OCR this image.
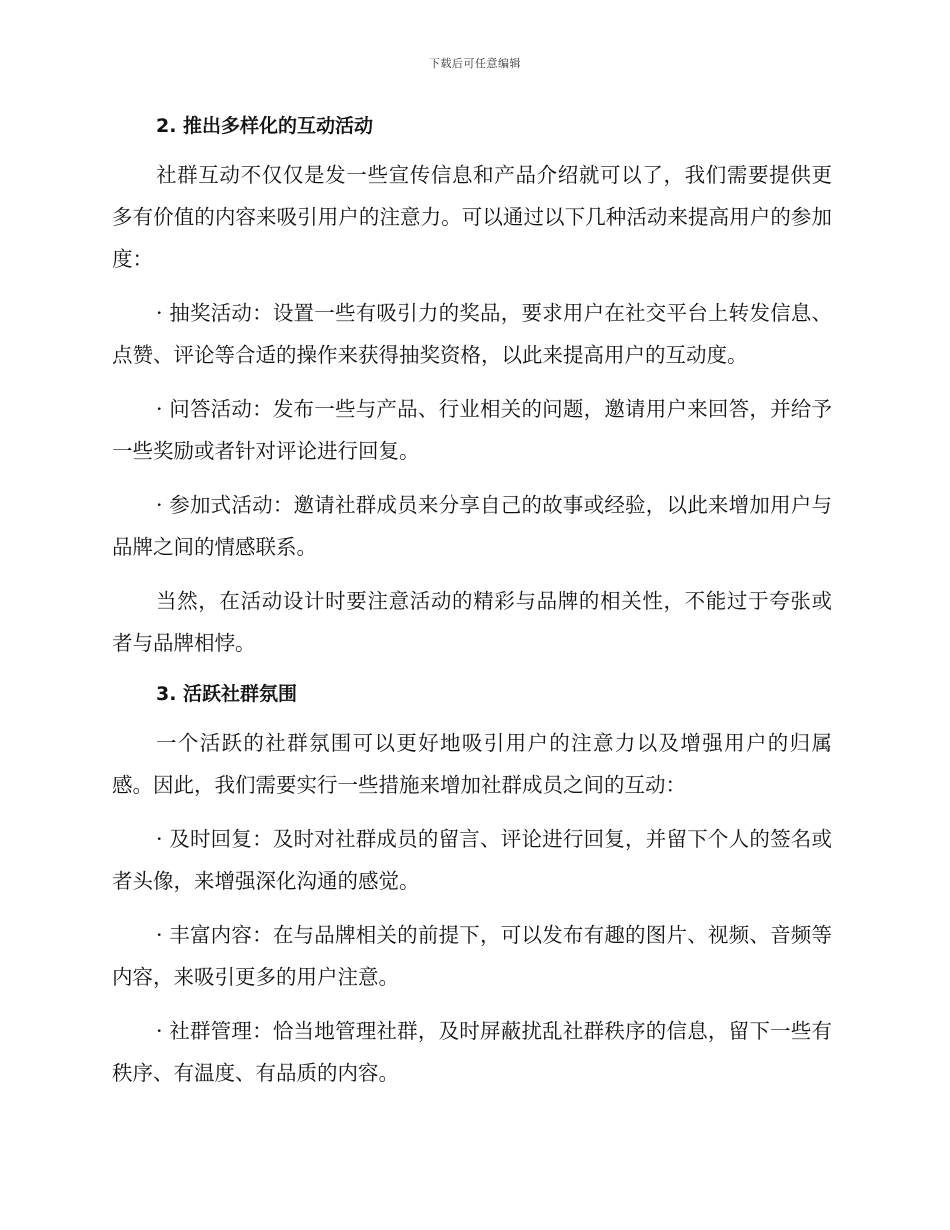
下载后可任意编辑
2. 推出多样化的互动活动

社群互动不仅仅是发一些宣传信息和产品介绍就可以了，我们需要提供更多有价值的内容来吸引用户的注意力。可以通过以下几种活动来提高用户的参加度：

· 抽奖活动：设置一些有吸引力的奖品，要求用户在社交平台上转发信息、点赞、评论等合适的操作来获得抽奖资格，以此来提高用户的互动度。

· 问答活动：发布一些与产品、行业相关的问题，邀请用户来回答，并给予一些奖励或者针对评论进行回复。

· 参加式活动：邀请社群成员来分享自己的故事或经验，以此来增加用户与品牌之间的情感联系。

当然，在活动设计时要注意活动的精彩与品牌的相关性，不能过于夸张或者与品牌相悖。

3. 活跃社群氛围

一个活跃的社群氛围可以更好地吸引用户的注意力以及增强用户的归属感。因此，我们需要实行一些措施来增加社群成员之间的互动：

· 及时回复：及时对社群成员的留言、评论进行回复，并留下个人的签名或者头像，来增强深化沟通的感觉。

· 丰富内容：在与品牌相关的前提下，可以发布有趣的图片、视频、音频等内容，来吸引更多的用户注意。

· 社群管理：恰当地管理社群，及时屏蔽扰乱社群秩序的信息，留下一些有秩序、有温度、有品质的内容。
